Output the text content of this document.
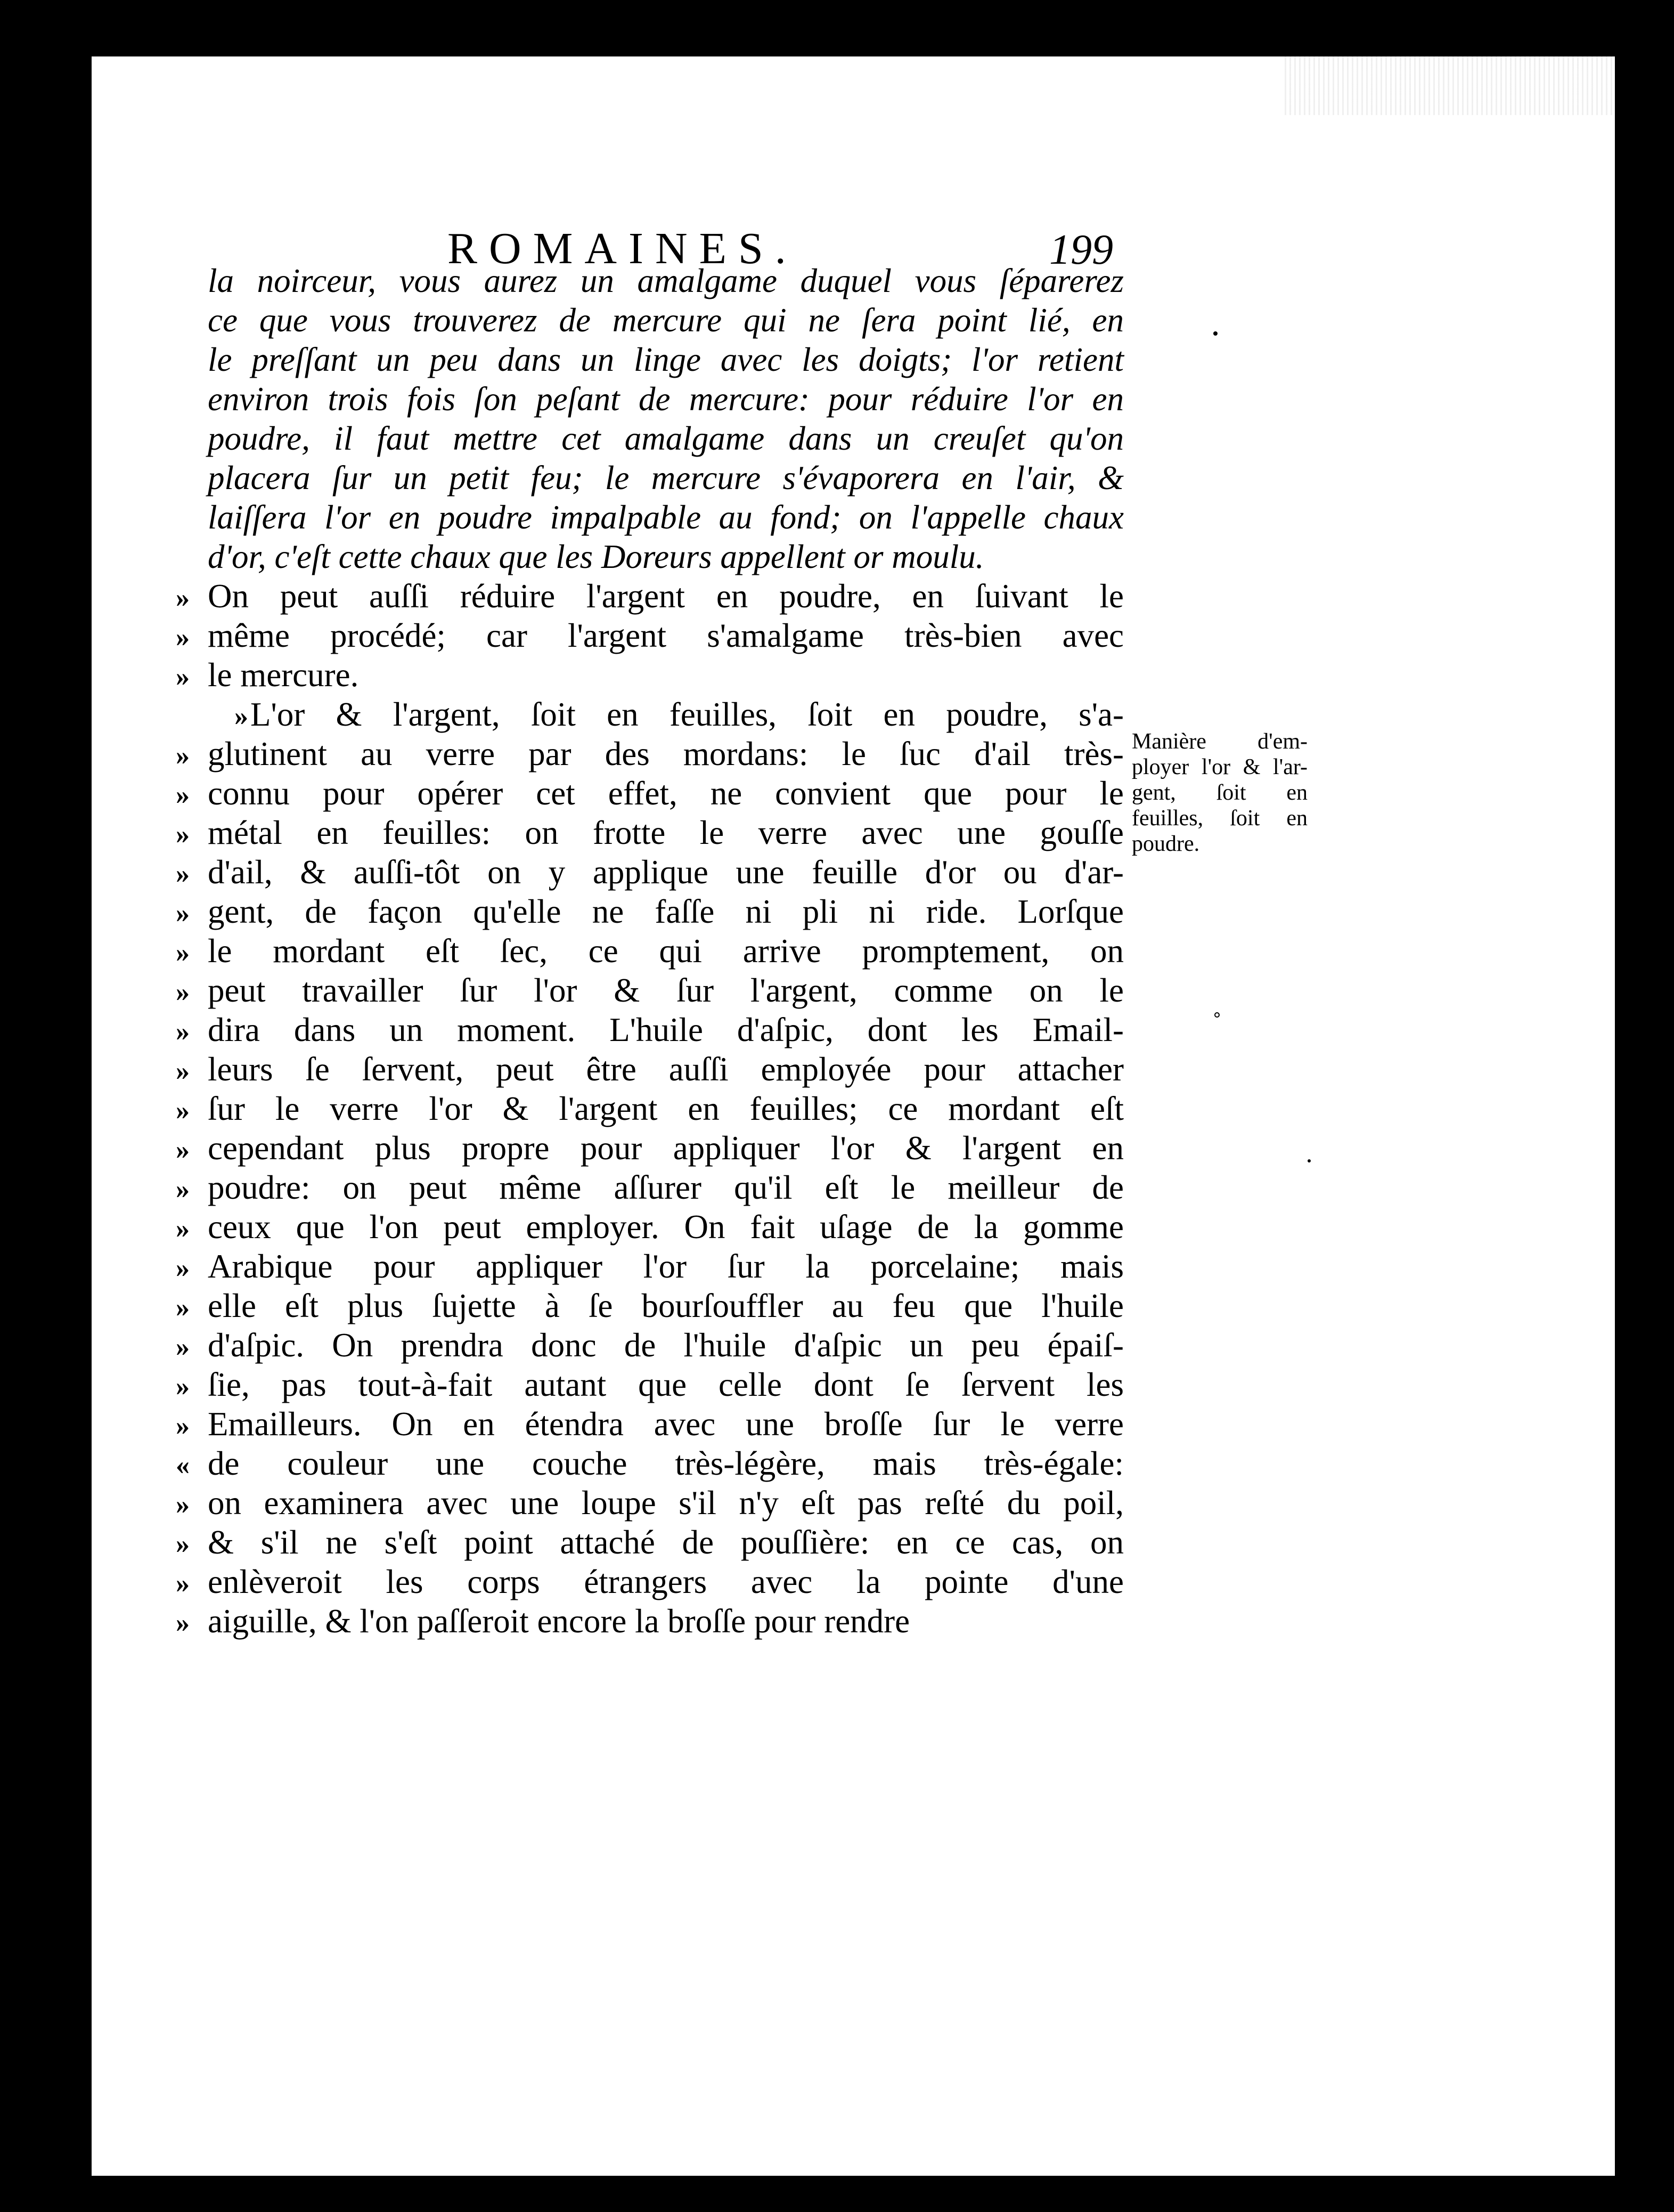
ROMAINES.	199
la noirceur, vous aurez un amalgame duquel vous ſéparerez
ce que vous trouverez de mercure qui ne ſera point lié, en
le preſſant un peu dans un linge avec les doigts; l'or retient
environ trois fois ſon peſant de mercure: pour réduire l'or en
poudre, il faut mettre cet amalgame dans un creuſet qu'on
placera ſur un petit feu; le mercure s'évaporera en l'air, &
laiſſera l'or en poudre impalpable au fond; on l'appelle chaux
d'or, c'eſt cette chaux que les Doreurs appellent or moulu.
» On peut auſſi réduire l'argent en poudre, en ſuivant le
» même procédé; car l'argent s'amalgame très-bien avec
» le mercure.
» L'or & l'argent, ſoit en feuilles, ſoit en poudre, s'a-
» glutinent au verre par des mordans: le ſuc d'ail très-
» connu pour opérer cet effet, ne convient que pour le
» métal en feuilles: on frotte le verre avec une gouſſe
» d'ail, & auſſi-tôt on y applique une feuille d'or ou d'ar-
» gent, de façon qu'elle ne faſſe ni pli ni ride. Lorſque
» le mordant eſt ſec, ce qui arrive promptement, on
» peut travailler ſur l'or & ſur l'argent, comme on le
» dira dans un moment. L'huile d'aſpic, dont les Email-
» leurs ſe ſervent, peut être auſſi employée pour attacher
» ſur le verre l'or & l'argent en feuilles; ce mordant eſt
» cependant plus propre pour appliquer l'or & l'argent en
» poudre: on peut même aſſurer qu'il eſt le meilleur de
» ceux que l'on peut employer. On fait uſage de la gomme
» Arabique pour appliquer l'or ſur la porcelaine; mais
» elle eſt plus ſujette à ſe bourſouffler au feu que l'huile
» d'aſpic. On prendra donc de l'huile d'aſpic un peu épaiſ-
» ſie, pas tout-à-fait autant que celle dont ſe ſervent les
» Emailleurs. On en étendra avec une broſſe ſur le verre
« de couleur une couche très-légère, mais très-égale:
» on examinera avec une loupe s'il n'y eſt pas reſté du poil,
» & s'il ne s'eſt point attaché de pouſſière: en ce cas, on
» enlèveroit les corps étrangers avec la pointe d'une
» aiguille, & l'on paſſeroit encore la broſſe pour rendre
Manière d'em-
ployer l'or & l'ar-
gent, ſoit en
feuilles, ſoit en
poudre.
